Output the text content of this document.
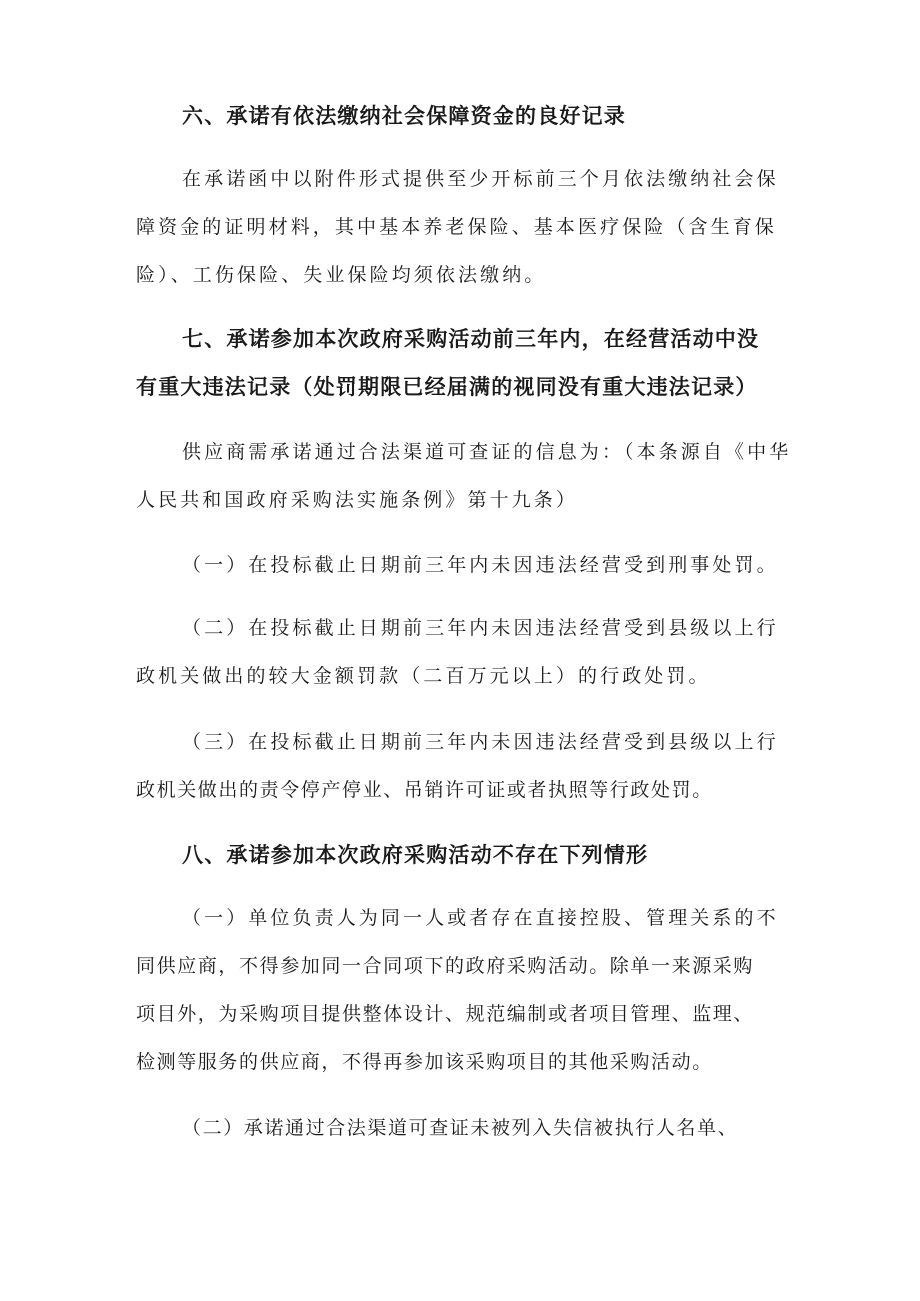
六、承诺有依法缴纳社会保障资金的良好记录
在承诺函中以附件形式提供至少开标前三个月依法缴纳社会保
障资金的证明材料，其中基本养老保险、基本医疗保险（含生育保
险）、工伤保险、失业保险均须依法缴纳。
七、承诺参加本次政府采购活动前三年内，在经营活动中没
有重大违法记录（处罚期限已经届满的视同没有重大违法记录）
供应商需承诺通过合法渠道可查证的信息为：（本条源自《中华
人民共和国政府采购法实施条例》第十九条）
（一）在投标截止日期前三年内未因违法经营受到刑事处罚。
（二）在投标截止日期前三年内未因违法经营受到县级以上行
政机关做出的较大金额罚款（二百万元以上）的行政处罚。
（三）在投标截止日期前三年内未因违法经营受到县级以上行
政机关做出的责令停产停业、吊销许可证或者执照等行政处罚。
八、承诺参加本次政府采购活动不存在下列情形
（一）单位负责人为同一人或者存在直接控股、管理关系的不
同供应商，不得参加同一合同项下的政府采购活动。除单一来源采购
项目外，为采购项目提供整体设计、规范编制或者项目管理、监理、
检测等服务的供应商，不得再参加该采购项目的其他采购活动。
（二）承诺通过合法渠道可查证未被列入失信被执行人名单、
